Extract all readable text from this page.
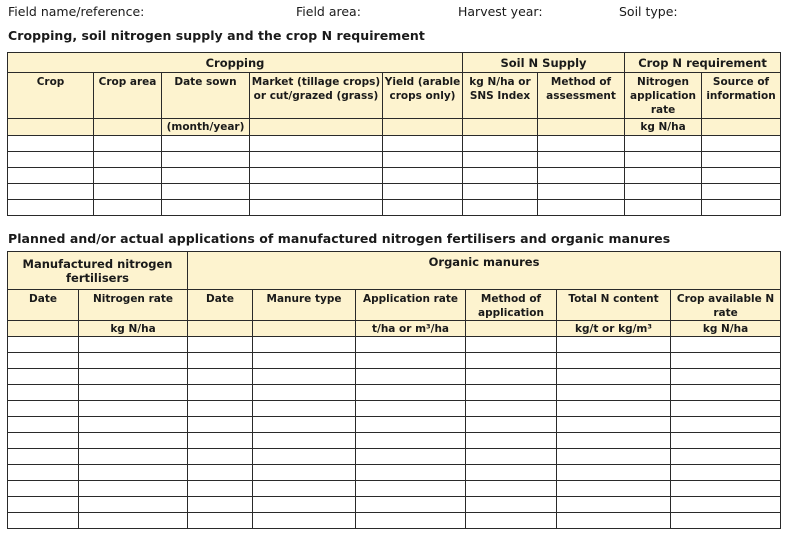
Field name/reference:	Field area:	Harvest year:	Soil type:
Cropping, soil nitrogen supply and the crop N requirement
Cropping					Soil N Supply		Crop N requirement	
Crop	Crop area	Date sown	Market (tillage crops) or cut/grazed (grass)	Yield (arable crops only)	kg N/ha or SNS Index	Method of assessment	Nitrogen application rate	Source of information
		(month/year)					kg N/ha	

Planned and/or actual applications of manufactured nitrogen fertilisers and organic manures
Manufactured nitrogen fertilisers		Organic manures					
Date	Nitrogen rate	Date	Manure type	Application rate	Method of application	Total N content	Crop available N rate
	kg N/ha			t/ha or m³/ha		kg/t or kg/m³	kg N/ha
